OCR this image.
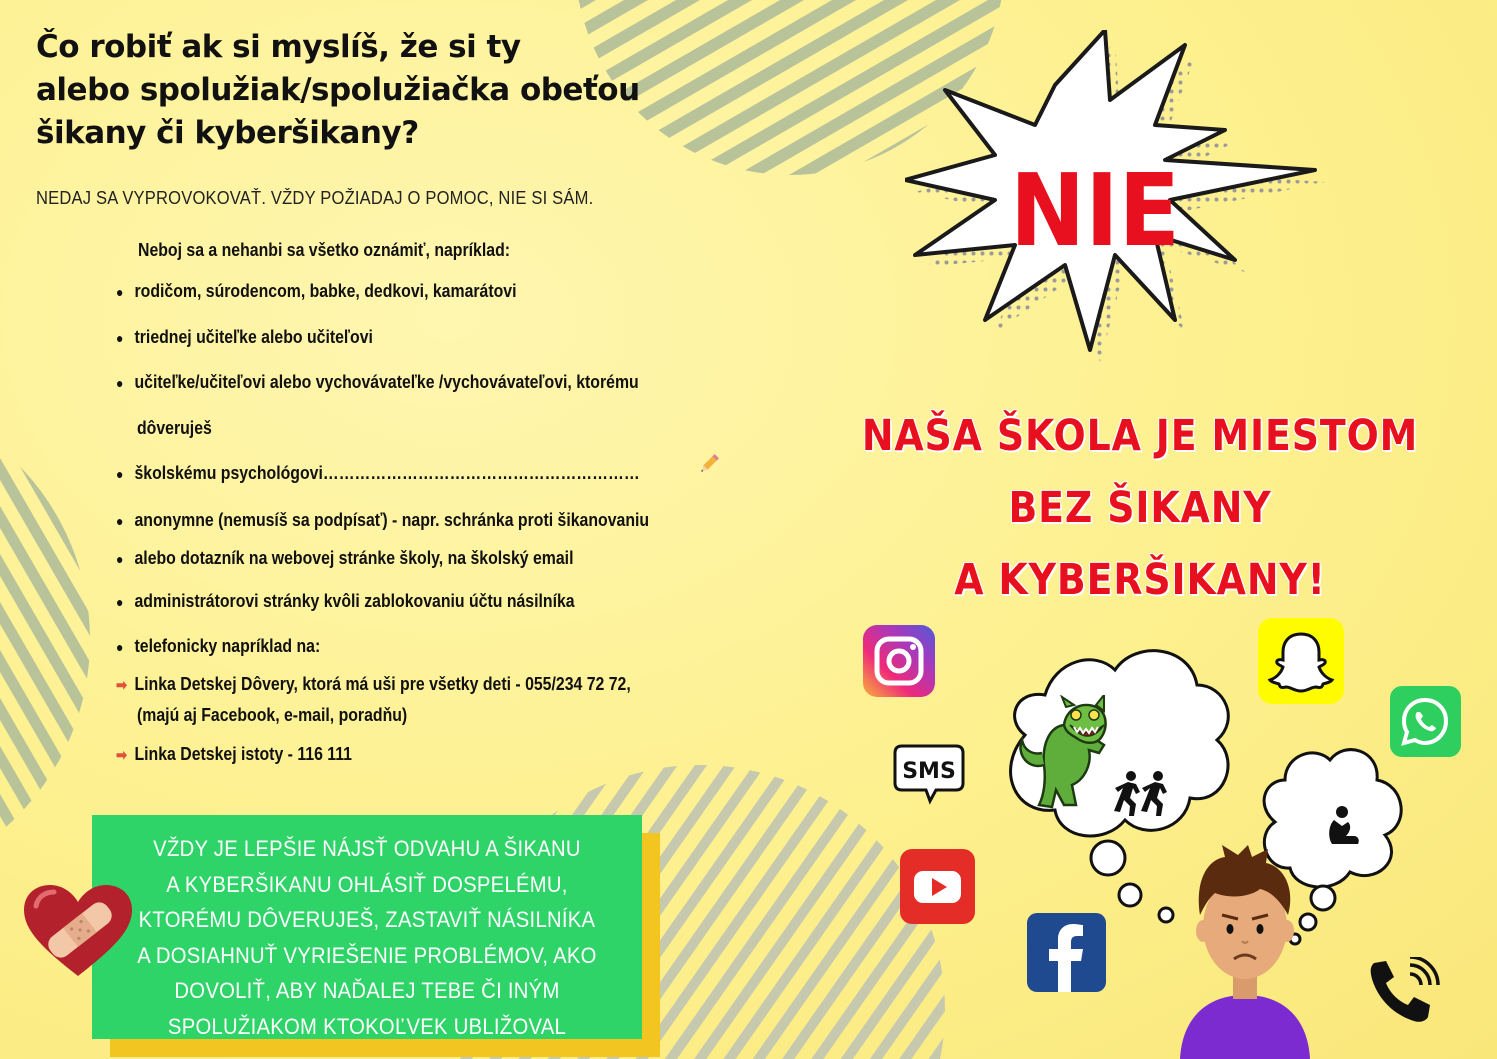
Čo robiť ak si myslíš, že si ty
alebo spolužiak/spolužiačka obeťou
šikany či kyberšikany?
NEDAJ SA VYPROVOKOVAŤ. VŽDY POŽIADAJ O POMOC, NIE SI SÁM.
Neboj sa a nehanbi sa všetko oznámiť, napríklad:
● rodičom, súrodencom, babke, dedkovi, kamarátovi
● triednej učiteľke alebo učiteľovi
● učiteľke/učiteľovi alebo vychovávateľke /vychovávateľovi, ktorému
dôveruješ
● školskému psychológovi……………………………………………………
● anonymne (nemusíš sa podpísať) - napr. schránka proti šikanovaniu
● alebo dotazník na webovej stránke školy, na školský email
● administrátorovi stránky kvôli zablokovaniu účtu násilníka
● telefonicky napríklad na:
➡ Linka Detskej Dôvery, ktorá má uši pre všetky deti - 055/234 72 72,
(majú aj Facebook, e-mail, poradňu)
➡ Linka Detskej istoty - 116 111

VŽDY JE LEPŠIE NÁJSŤ ODVAHU A ŠIKANU
A KYBERŠIKANU OHLÁSIŤ DOSPELÉMU,
KTORÉMU DÔVERUJEŠ, ZASTAVIŤ NÁSILNÍKA
A DOSIAHNUŤ VYRIEŠENIE PROBLÉMOV, AKO
DOVOLIŤ, ABY NAĎALEJ TEBE ČI INÝM
SPOLUŽIAKOM KTOKOĽVEK UBLIŽOVAL

NIE
NAŠA ŠKOLA JE MIESTOM
BEZ ŠIKANY
A KYBERŠIKANY!
SMS
